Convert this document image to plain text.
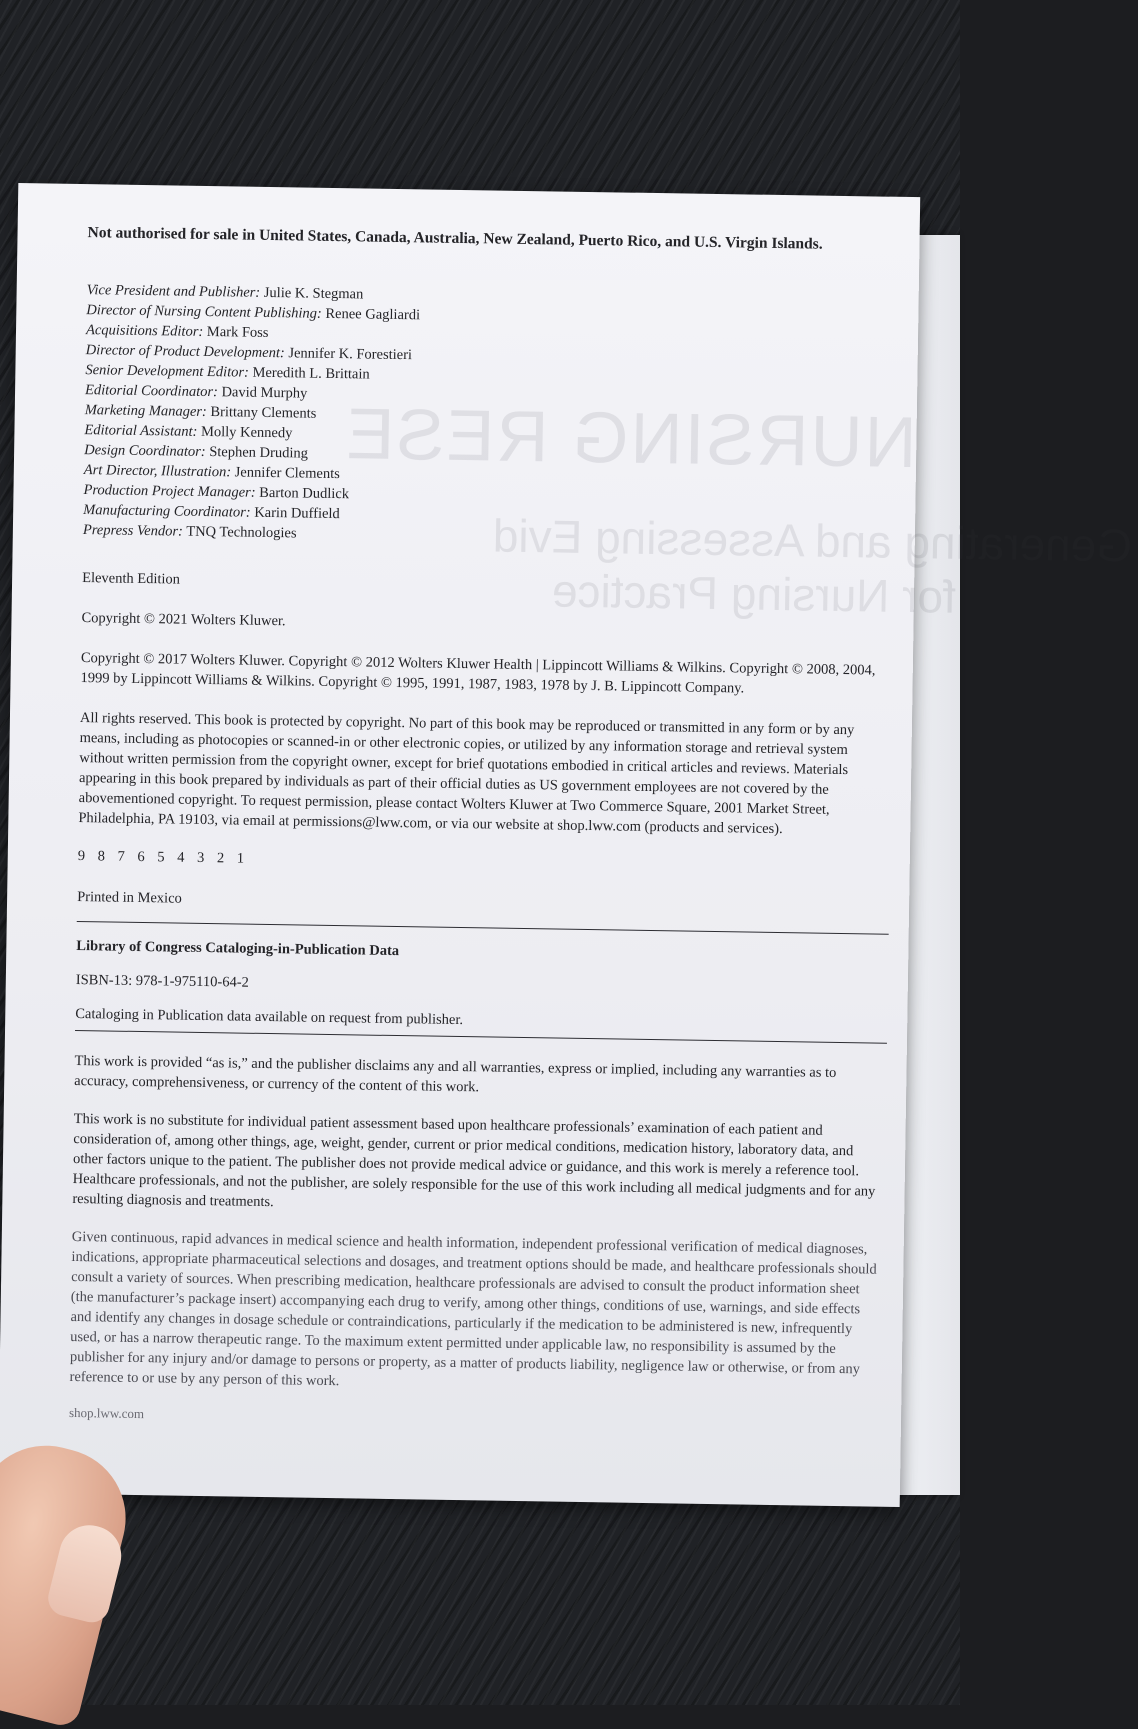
NURSING RESE
Generating and Assessing Evid
for Nursing Practice

Not authorised for sale in United States, Canada, Australia, New Zealand, Puerto Rico, and U.S. Virgin Islands.

Vice President and Publisher: Julie K. Stegman
Director of Nursing Content Publishing: Renee Gagliardi
Acquisitions Editor: Mark Foss
Director of Product Development: Jennifer K. Forestieri
Senior Development Editor: Meredith L. Brittain
Editorial Coordinator: David Murphy
Marketing Manager: Brittany Clements
Editorial Assistant: Molly Kennedy
Design Coordinator: Stephen Druding
Art Director, Illustration: Jennifer Clements
Production Project Manager: Barton Dudlick
Manufacturing Coordinator: Karin Duffield
Prepress Vendor: TNQ Technologies

Eleventh Edition

Copyright © 2021 Wolters Kluwer.

Copyright © 2017 Wolters Kluwer. Copyright © 2012 Wolters Kluwer Health | Lippincott Williams & Wilkins. Copyright © 2008, 2004, 1999 by Lippincott Williams & Wilkins. Copyright © 1995, 1991, 1987, 1983, 1978 by J. B. Lippincott Company.

All rights reserved. This book is protected by copyright. No part of this book may be reproduced or transmitted in any form or by any means, including as photocopies or scanned-in or other electronic copies, or utilized by any information storage and retrieval system without written permission from the copyright owner, except for brief quotations embodied in critical articles and reviews. Materials appearing in this book prepared by individuals as part of their official duties as US government employees are not covered by the abovementioned copyright. To request permission, please contact Wolters Kluwer at Two Commerce Square, 2001 Market Street, Philadelphia, PA 19103, via email at permissions@lww.com, or via our website at shop.lww.com (products and services).

9 8 7 6 5 4 3 2 1

Printed in Mexico

Library of Congress Cataloging-in-Publication Data

ISBN-13: 978-1-975110-64-2

Cataloging in Publication data available on request from publisher.

This work is provided “as is,” and the publisher disclaims any and all warranties, express or implied, including any warranties as to accuracy, comprehensiveness, or currency of the content of this work.

This work is no substitute for individual patient assessment based upon healthcare professionals’ examination of each patient and consideration of, among other things, age, weight, gender, current or prior medical conditions, medication history, laboratory data, and other factors unique to the patient. The publisher does not provide medical advice or guidance, and this work is merely a reference tool. Healthcare professionals, and not the publisher, are solely responsible for the use of this work including all medical judgments and for any resulting diagnosis and treatments.

Given continuous, rapid advances in medical science and health information, independent professional verification of medical diagnoses, indications, appropriate pharmaceutical selections and dosages, and treatment options should be made, and healthcare professionals should consult a variety of sources. When prescribing medication, healthcare professionals are advised to consult the product information sheet (the manufacturer’s package insert) accompanying each drug to verify, among other things, conditions of use, warnings, and side effects and identify any changes in dosage schedule or contraindications, particularly if the medication to be administered is new, infrequently used, or has a narrow therapeutic range. To the maximum extent permitted under applicable law, no responsibility is assumed by the publisher for any injury and/or damage to persons or property, as a matter of products liability, negligence law or otherwise, or from any reference to or use by any person of this work.

shop.lww.com
